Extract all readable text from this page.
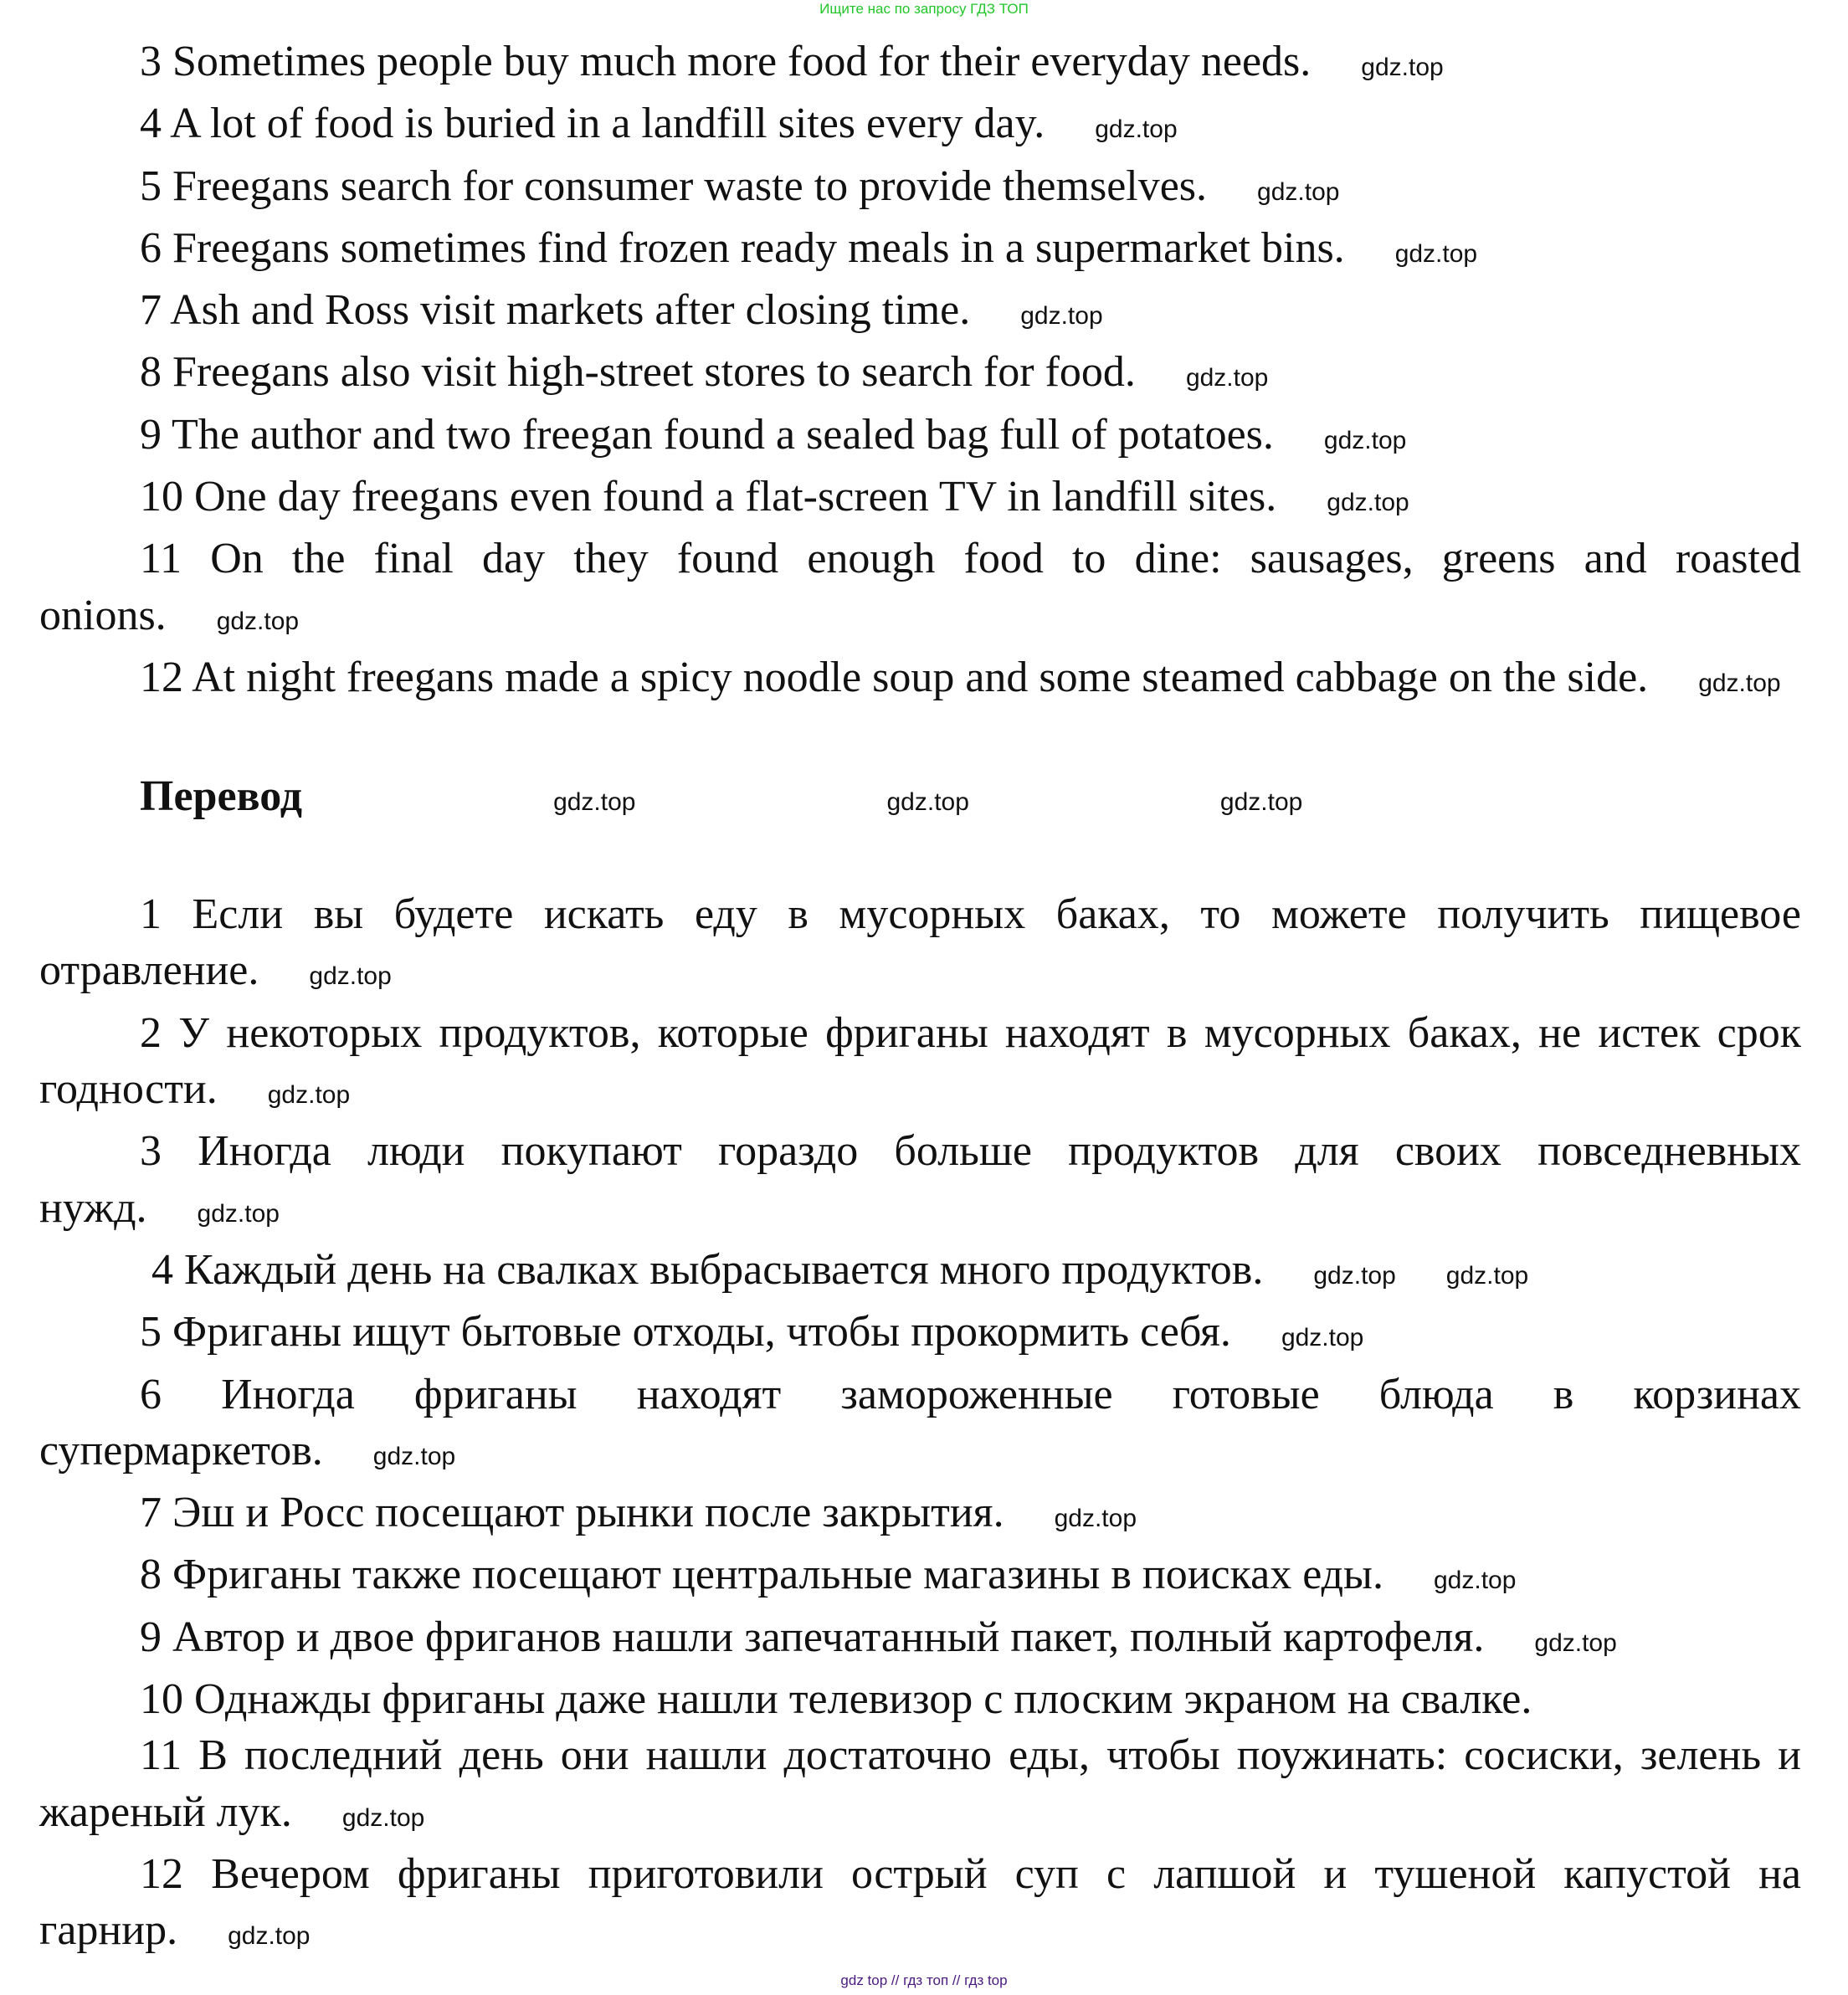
Ищите нас по запросу ГДЗ ТОП

3 Sometimes people buy much more food for their everyday needs. gdz.top

4 A lot of food is buried in a landfill sites every day. gdz.top

5 Freegans search for consumer waste to provide themselves. gdz.top

6 Freegans sometimes find frozen ready meals in a supermarket bins. gdz.top

7 Ash and Ross visit markets after closing time. gdz.top

8 Freegans also visit high-street stores to search for food. gdz.top

9 The author and two freegan found a sealed bag full of potatoes. gdz.top

10 One day freegans even found a flat-screen TV in landfill sites. gdz.top

11 On the final day they found enough food to dine: sausages, greens and roasted onions. gdz.top

12 At night freegans made a spicy noodle soup and some steamed cabbage on the side. gdz.top

Перевод	gdz.top	gdz.top	gdz.top

1 Если вы будете искать еду в мусорных баках, то можете получить пищевое отравление. gdz.top

2 У некоторых продуктов, которые фриганы находят в мусорных баках, не истек срок годности. gdz.top

3 Иногда люди покупают гораздо больше продуктов для своих повседневных нужд. gdz.top

4 Каждый день на свалках выбрасывается много продуктов. gdz.top gdz.top

5 Фриганы ищут бытовые отходы, чтобы прокормить себя. gdz.top

6 Иногда фриганы находят замороженные готовые блюда в корзинах супермаркетов. gdz.top

7 Эш и Росс посещают рынки после закрытия. gdz.top

8 Фриганы также посещают центральные магазины в поисках еды. gdz.top

9 Автор и двое фриганов нашли запечатанный пакет, полный картофеля. gdz.top

10 Однажды фриганы даже нашли телевизор с плоским экраном на свалке.

11 В последний день они нашли достаточно еды, чтобы поужинать: сосиски, зелень и жареный лук. gdz.top

12 Вечером фриганы приготовили острый суп с лапшой и тушеной капустой на гарнир. gdz.top

gdz top // гдз топ // гдз top
